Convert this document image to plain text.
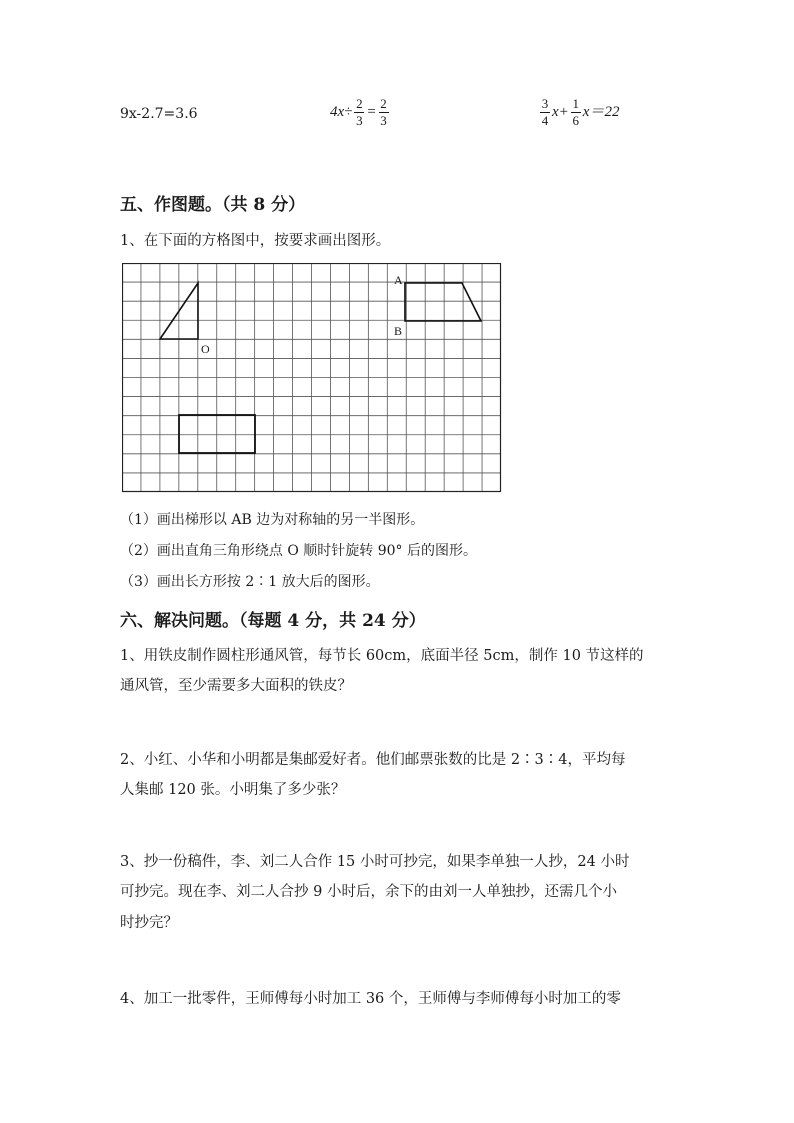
9x-2.7=3.6	$4x\div \frac{2}{3} = \frac{2}{3}$	$\frac{3}{4} x+ \frac{1}{6} x=22$
五、作图题。（共 8 分）
1、在下面的方格图中，按要求画出图形。
A
B
O
（1）画出梯形以 AB 边为对称轴的另一半图形。
（2）画出直角三角形绕点 O 顺时针旋转 90° 后的图形。
（3）画出长方形按 2∶1 放大后的图形。
六、解决问题。（每题 4 分，共 24 分）
1、用铁皮制作圆柱形通风管，每节长 60cm，底面半径 5cm，制作 10 节这样的
通风管，至少需要多大面积的铁皮？
2、小红、小华和小明都是集邮爱好者。他们邮票张数的比是 2∶3∶4，平均每
人集邮 120 张。小明集了多少张？
3、抄一份稿件，李、刘二人合作 15 小时可抄完，如果李单独一人抄，24 小时
可抄完。现在李、刘二人合抄 9 小时后，余下的由刘一人单独抄，还需几个小
时抄完？
4、加工一批零件，王师傅每小时加工 36 个，王师傅与李师傅每小时加工的零
